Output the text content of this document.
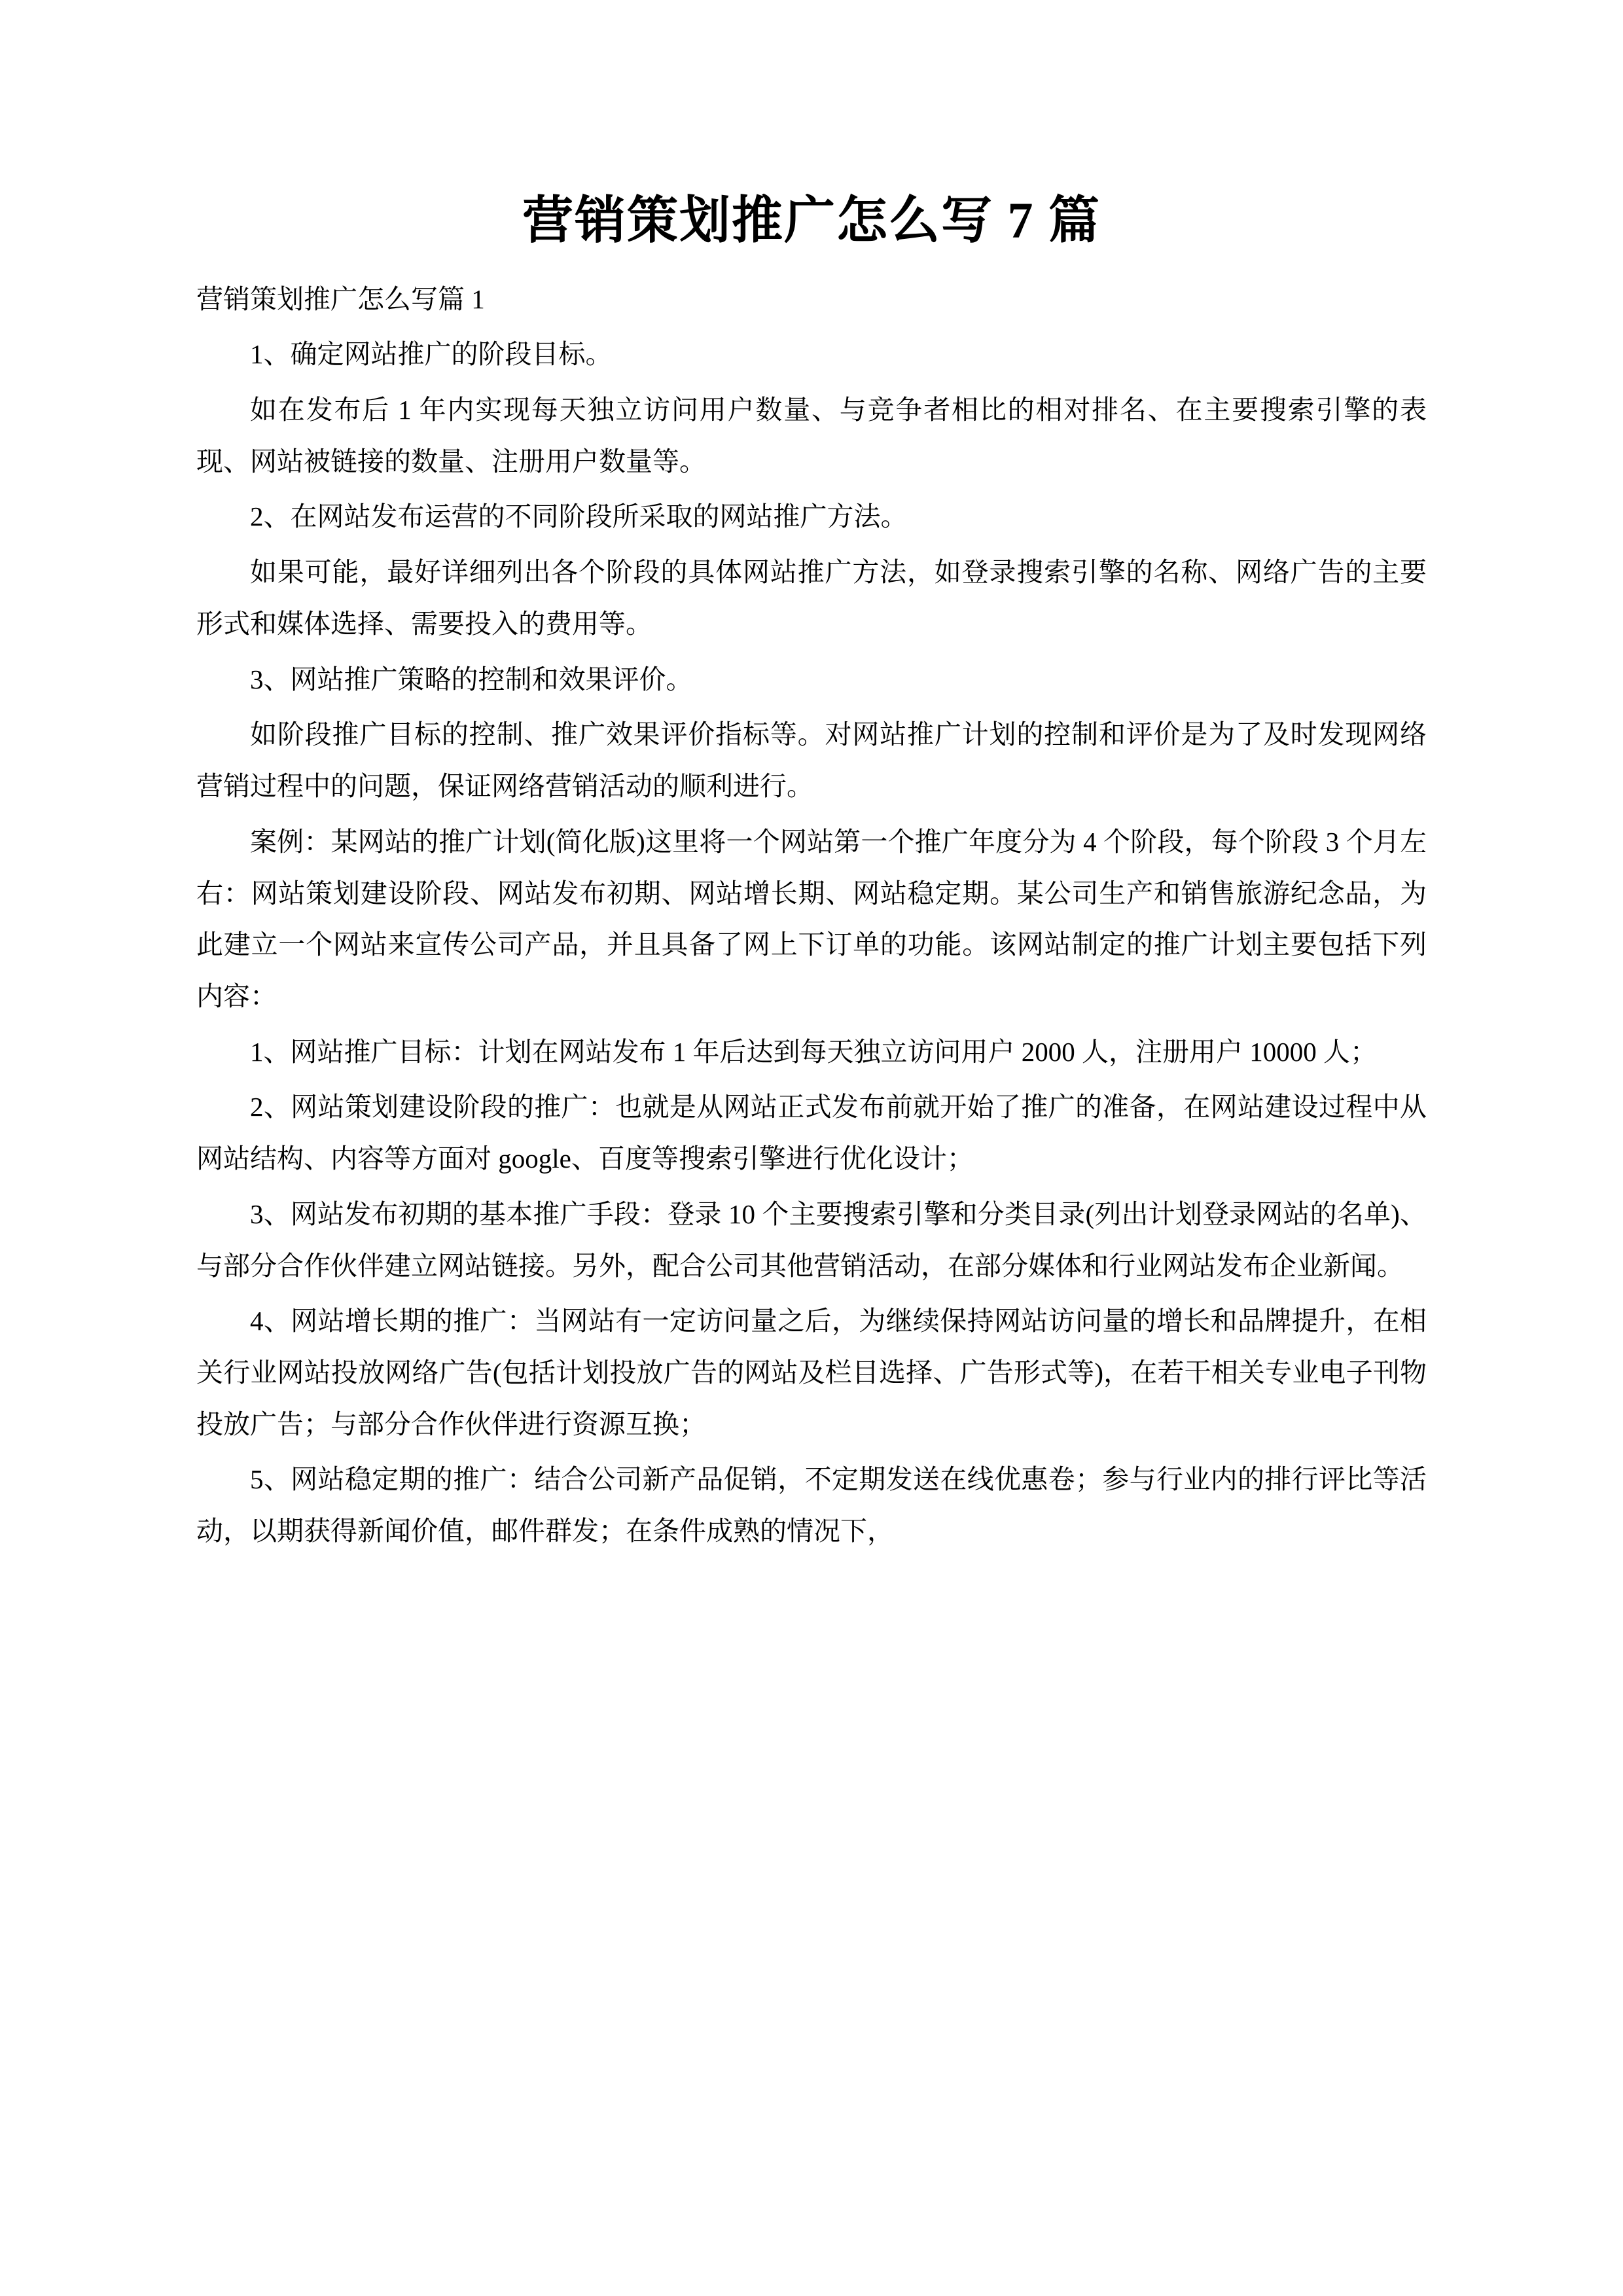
营销策划推广怎么写 7 篇

营销策划推广怎么写篇 1

1、确定网站推广的阶段目标。

如在发布后 1 年内实现每天独立访问用户数量、与竞争者相比的相对排名、在主要搜索引擎的表现、网站被链接的数量、注册用户数量等。

2、在网站发布运营的不同阶段所采取的网站推广方法。

如果可能，最好详细列出各个阶段的具体网站推广方法，如登录搜索引擎的名称、网络广告的主要形式和媒体选择、需要投入的费用等。

3、网站推广策略的控制和效果评价。

如阶段推广目标的控制、推广效果评价指标等。对网站推广计划的控制和评价是为了及时发现网络营销过程中的问题，保证网络营销活动的顺利进行。

案例：某网站的推广计划(简化版)这里将一个网站第一个推广年度分为 4 个阶段，每个阶段 3 个月左右：网站策划建设阶段、网站发布初期、网站增长期、网站稳定期。某公司生产和销售旅游纪念品，为此建立一个网站来宣传公司产品，并且具备了网上下订单的功能。该网站制定的推广计划主要包括下列内容：

1、网站推广目标：计划在网站发布 1 年后达到每天独立访问用户 2000 人，注册用户 10000 人；

2、网站策划建设阶段的推广：也就是从网站正式发布前就开始了推广的准备，在网站建设过程中从网站结构、内容等方面对 google、百度等搜索引擎进行优化设计；

3、网站发布初期的基本推广手段：登录 10 个主要搜索引擎和分类目录(列出计划登录网站的名单)、与部分合作伙伴建立网站链接。另外，配合公司其他营销活动，在部分媒体和行业网站发布企业新闻。

4、网站增长期的推广：当网站有一定访问量之后，为继续保持网站访问量的增长和品牌提升，在相关行业网站投放网络广告(包括计划投放广告的网站及栏目选择、广告形式等)，在若干相关专业电子刊物投放广告；与部分合作伙伴进行资源互换；

5、网站稳定期的推广：结合公司新产品促销，不定期发送在线优惠卷；参与行业内的排行评比等活动，以期获得新闻价值，邮件群发；在条件成熟的情况下，
